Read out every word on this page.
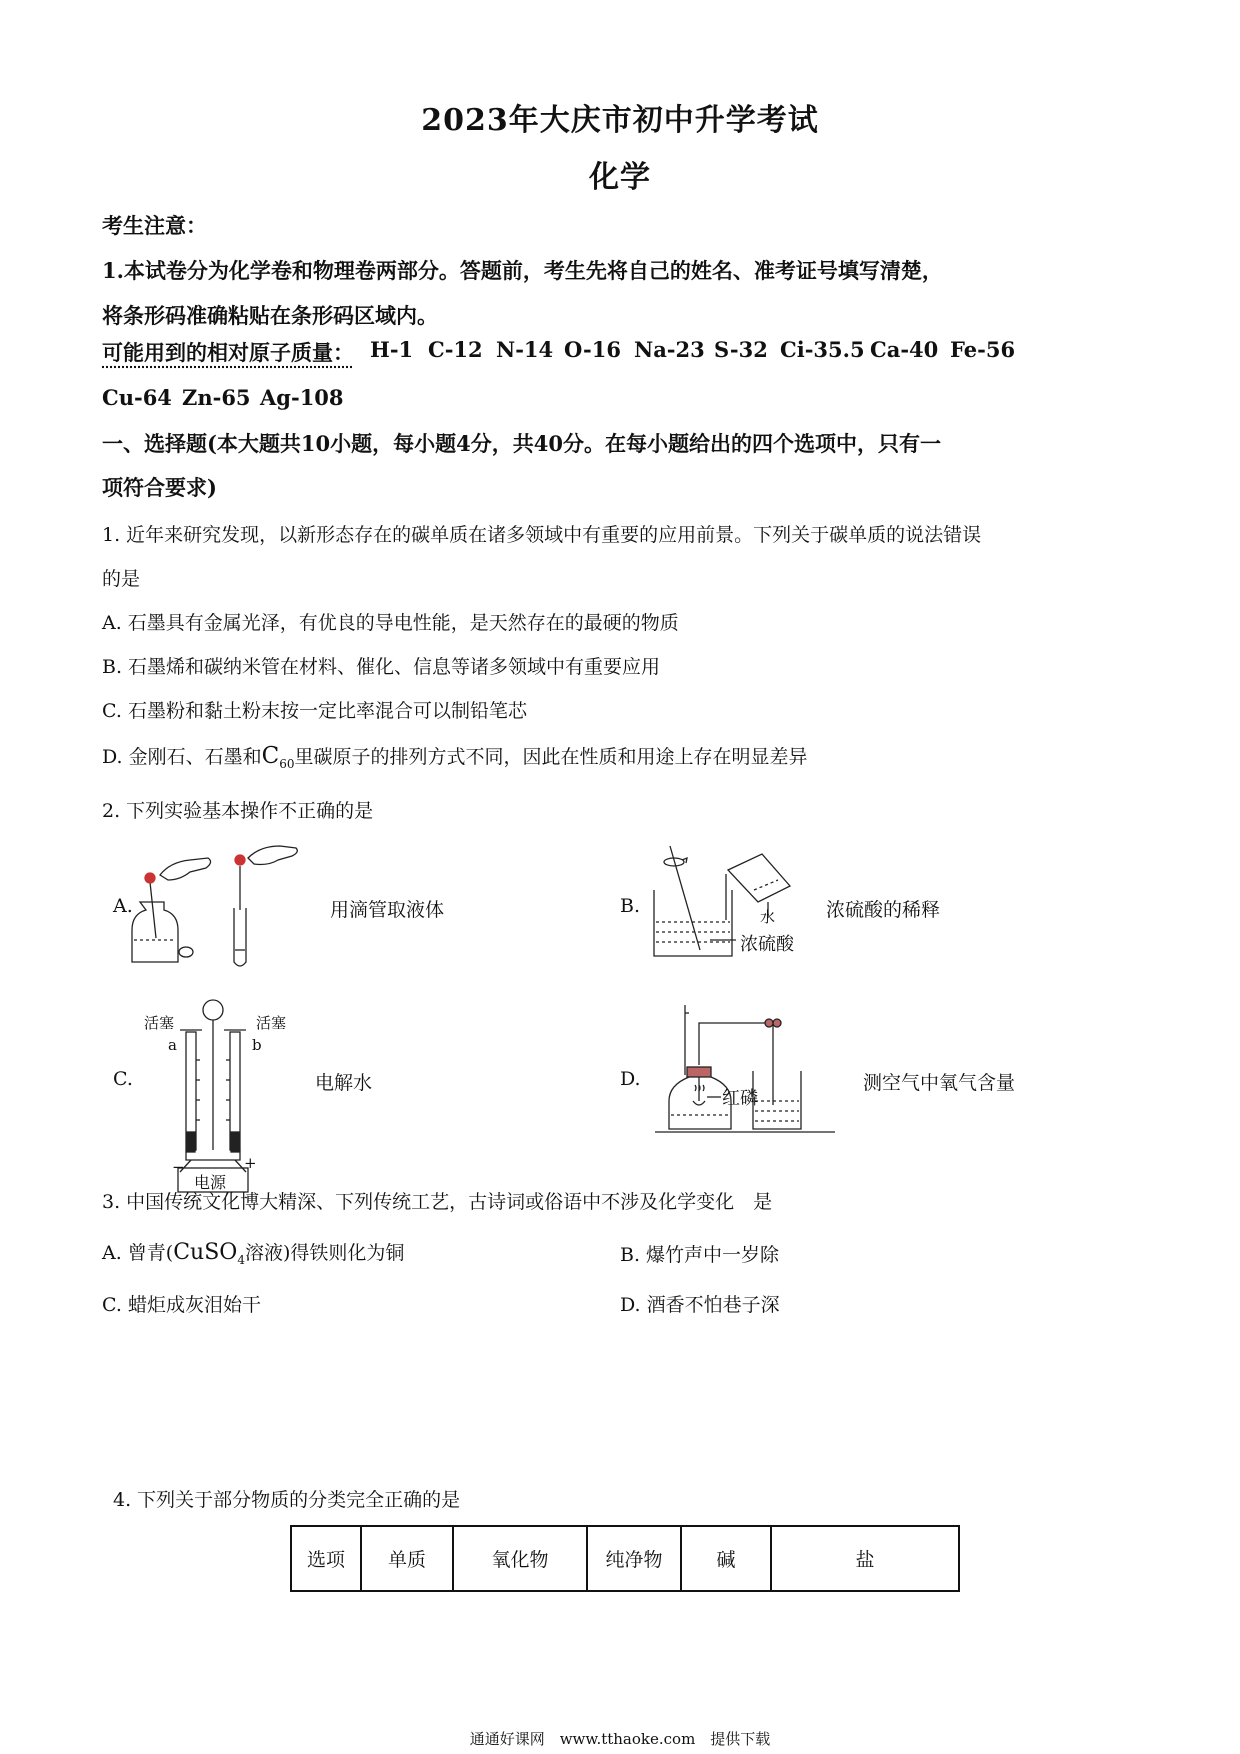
2023年大庆市初中升学考试
化学
考生注意：
1.本试卷分为化学卷和物理卷两部分。答题前，考生先将自己的姓名、准考证号填写清楚，
将条形码准确粘贴在条形码区域内。
可能用到的相对原子质量： H-1 C-12 N-14 O-16 Na-23 S-32 Ci-35.5 Ca-40 Fe-56
Cu-64 Zn-65 Ag-108
一、选择题(本大题共10小题，每小题4分，共40分。在每小题给出的四个选项中，只有一
项符合要求)
1. 近年来研究发现，以新形态存在的碳单质在诸多领域中有重要的应用前景。下列关于碳单质的说法错误
的是
A. 石墨具有金属光泽，有优良的导电性能，是天然存在的最硬的物质
B. 石墨烯和碳纳米管在材料、催化、信息等诸多领域中有重要应用
C. 石墨粉和黏土粉末按一定比率混合可以制铅笔芯
D. 金刚石、石墨和$C_{60}$里碳原子的排列方式不同，因此在性质和用途上存在明显差异
2. 下列实验基本操作不正确的是
A.	用滴管取液体	B.	水
浓硫酸
浓硫酸的稀释
C.
活塞	活塞
a	b
−	+
电源
电解水	D.
红磷
测空气中氧气含量
3. 中国传统文化博大精深、下列传统工艺，古诗词或俗语中不涉及化学变化　是
A. 曾青(CuSO$_4$溶液)得铁则化为铜	B. 爆竹声中一岁除
C. 蜡炬成灰泪始干	D. 酒香不怕巷子深
4. 下列关于部分物质的分类完全正确的是
选项	单质	氧化物	纯净物	碱	盐
通通好课网　www.tthaoke.com　提供下载
